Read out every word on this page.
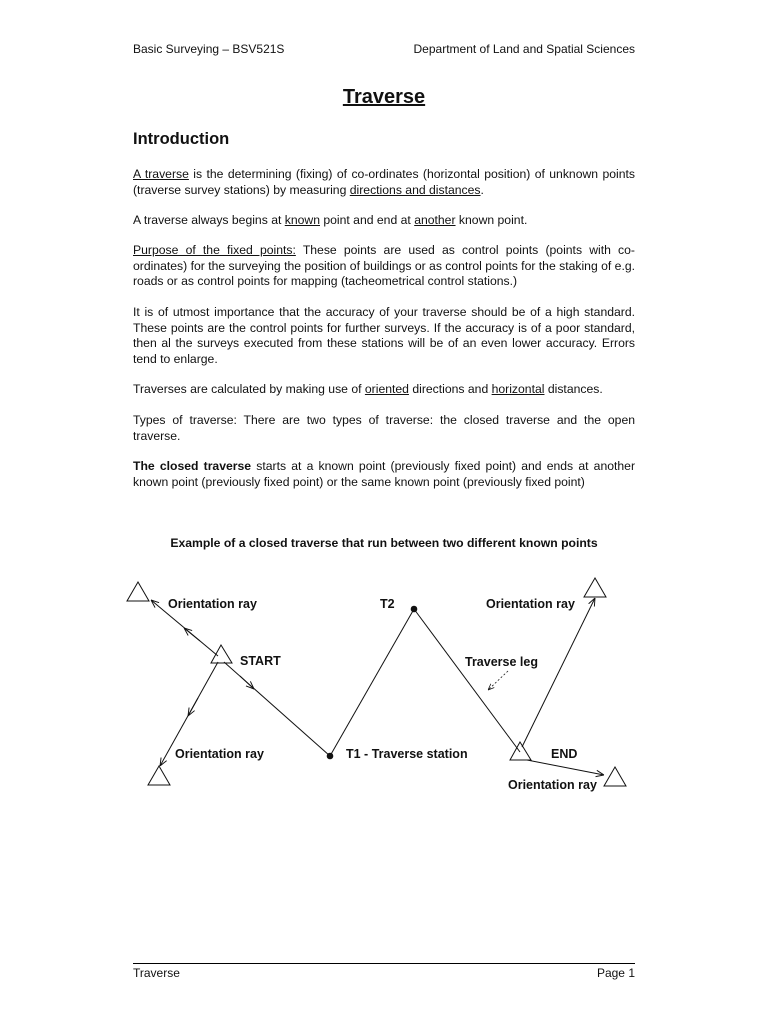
Basic Surveying – BSV521S	Department of Land and Spatial Sciences
Traverse
Introduction
A traverse is the determining (fixing) of co-ordinates (horizontal position) of unknown points (traverse survey stations) by measuring directions and distances.
A traverse always begins at known point and end at another known point.
Purpose of the fixed points: These points are used as control points (points with co-ordinates) for the surveying the position of buildings or as control points for the staking of e.g. roads or as control points for mapping (tacheometrical control stations.)
It is of utmost importance that the accuracy of your traverse should be of a high standard. These points are the control points for further surveys. If the accuracy is of a poor standard, then al the surveys executed from these stations will be of an even lower accuracy. Errors tend to enlarge.
Traverses are calculated by making use of oriented directions and horizontal distances.
Types of traverse: There are two types of traverse: the closed traverse and the open traverse.
The closed traverse starts at a known point (previously fixed point) and ends at another known point (previously fixed point) or the same known point (previously fixed point)
Example of a closed traverse that run between two different known points
Orientation ray	T2	Orientation ray
START	Traverse leg
Orientation ray	T1 - Traverse station	END
Orientation ray
Traverse	Page 1
